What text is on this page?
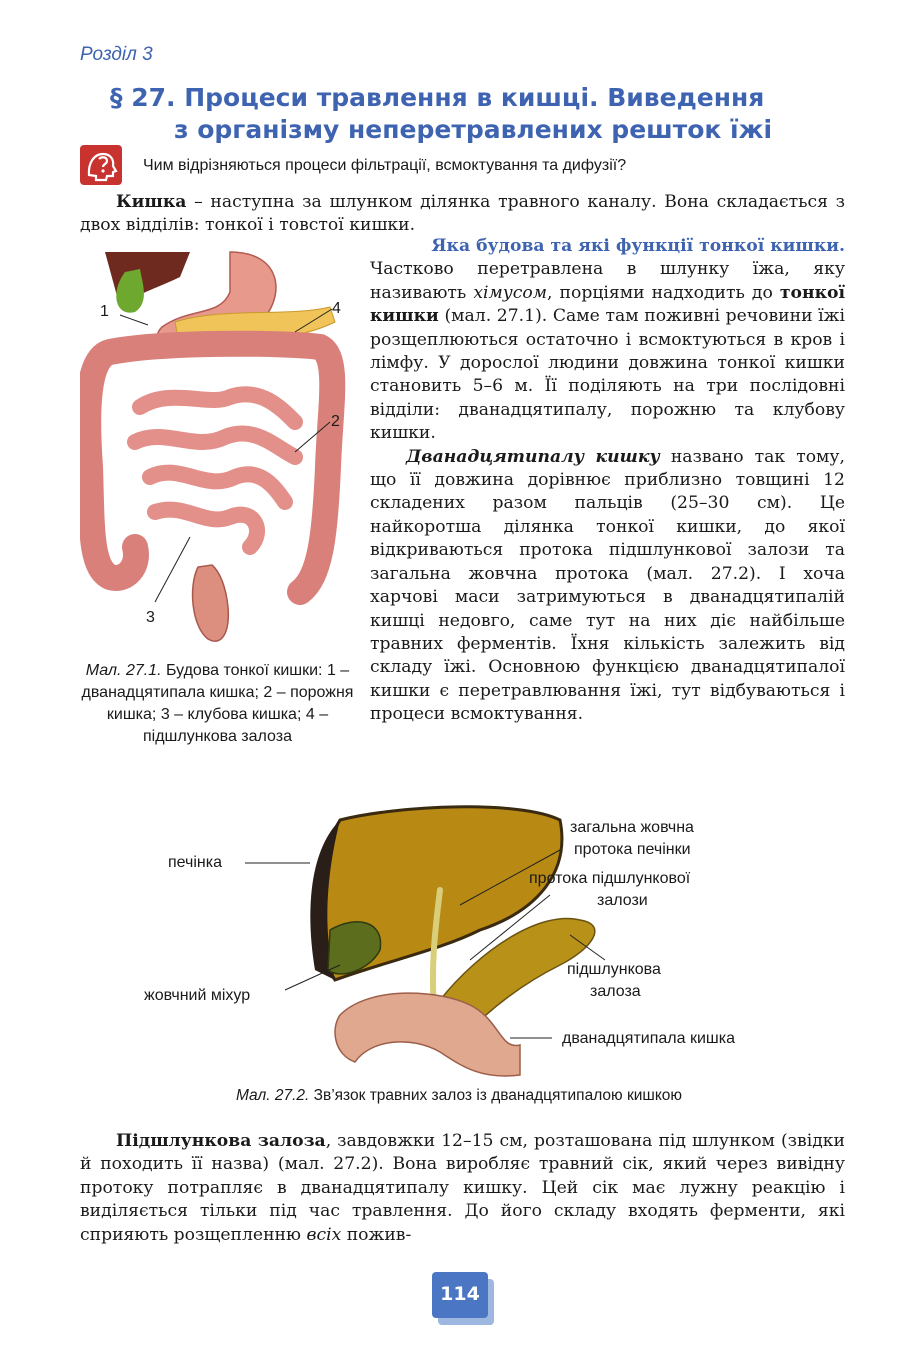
Розділ 3
§ 27. Процеси травлення в кишці. Виведення
з організму неперетравлених решток їжі
Чим відрізняються процеси фільтрації, всмоктування та дифузії?
Кишка – наступна за шлунком ділянка травного каналу. Вона складається з двох відділів: тонкої і товстої кишки.
1
2
3
4
Мал. 27.1. Будова тонкої кишки: 1 – дванадцятипала кишка; 2 – порожня кишка; 3 – клубова кишка; 4 – підшлункова залоза
Яка будова та які функції тонкої кишки.

Частково перетравлена в шлунку їжа, яку називають хімусом, порціями надходить до тонкої кишки (мал. 27.1). Саме там поживні речовини їжі розщеплюються остаточно і всмоктуються в кров і лімфу. У дорослої людини довжина тонкої кишки становить 5–6 м. Її поділяють на три послідовні відділи: дванадцятипалу, порожню та клубову кишки.

Дванадцятипалу кишку названо так тому, що її довжина дорівнює приблизно товщині 12 складених разом пальців (25–30 см). Це найкоротша ділянка тонкої кишки, до якої відкриваються протока підшлункової залози та загальна жовчна протока (мал. 27.2). І хоча харчові маси затримуються в дванадцятипалій кишці недовго, саме тут на них діє найбільше травних ферментів. Їхня кількість залежить від складу їжі. Основною функцією дванадцятипалої кишки є перетравлювання їжі, тут відбуваються і процеси всмоктування.

печінка
жовчний міхур
загальна жовчна
протока печінки
протока підшлункової
залози
підшлункова
залоза
дванадцятипала кишка
Мал. 27.2. Зв’язок травних залоз із дванадцятипалою кишкою
Підшлункова залоза, завдовжки 12–15 см, розташована під шлунком (звідки й походить її назва) (мал. 27.2). Вона виробляє травний сік, який через вивідну протоку потрапляє в дванадцятипалу кишку. Цей сік має лужну реакцію і виділяється тільки під час травлення. До його складу входять ферменти, які сприяють розщепленню всіх пожив-
114
